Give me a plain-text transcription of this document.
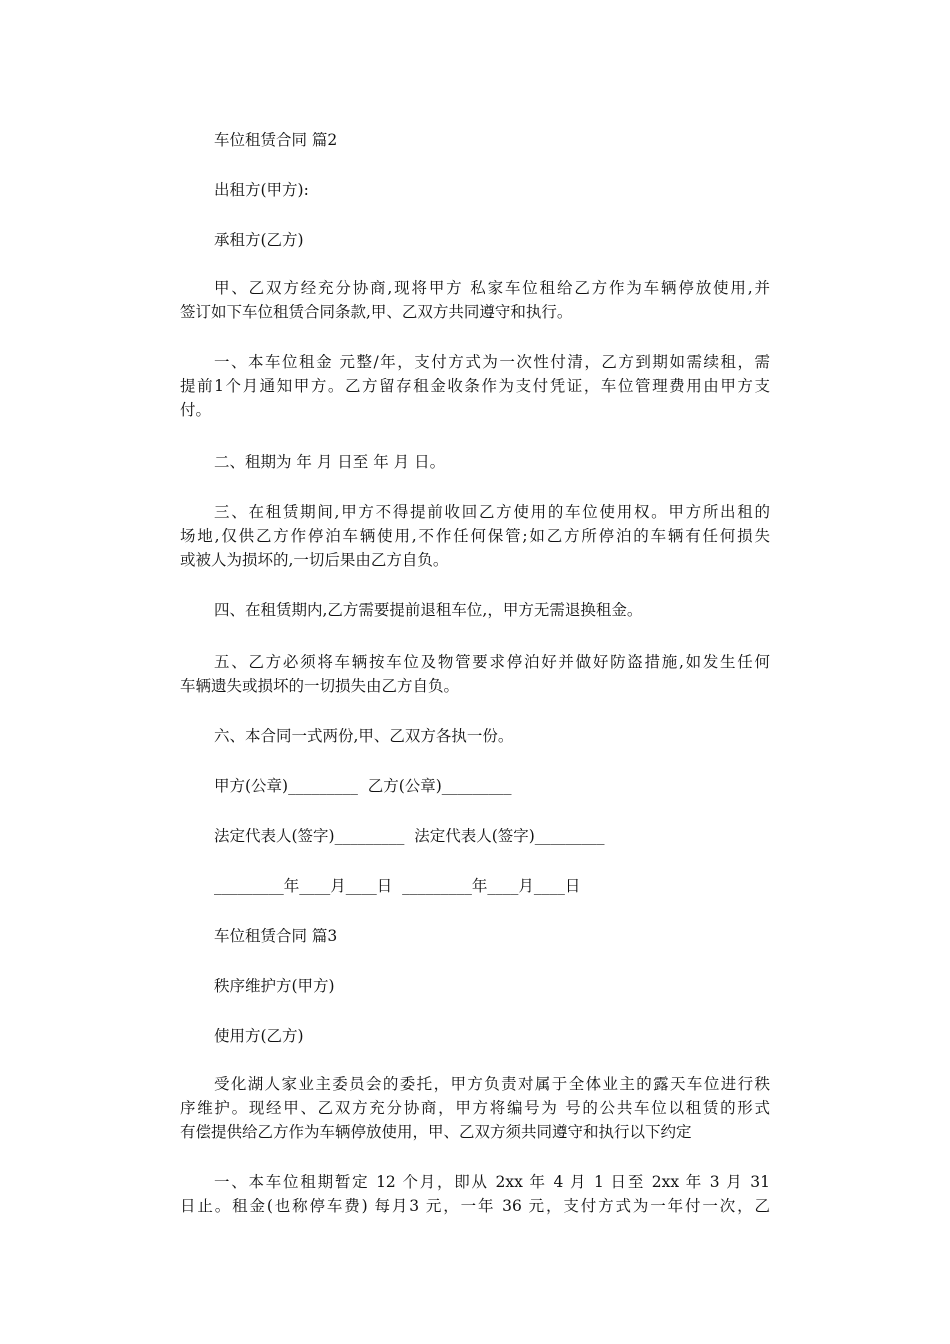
车位租赁合同 篇2
出租方(甲方):
承租方(乙方)
甲、乙双方经充分协商,现将甲方 私家车位租给乙方作为车辆停放使用,并
签订如下车位租赁合同条款,甲、乙双方共同遵守和执行。
一、本车位租金 元整/年，支付方式为一次性付清，乙方到期如需续租，需
提前1个月通知甲方。乙方留存租金收条作为支付凭证，车位管理费用由甲方支
付。
二、租期为 年 月 日至 年 月 日。
三、在租赁期间,甲方不得提前收回乙方使用的车位使用权。甲方所出租的
场地,仅供乙方作停泊车辆使用,不作任何保管;如乙方所停泊的车辆有任何损失
或被人为损坏的,一切后果由乙方自负。
四、在租赁期内,乙方需要提前退租车位,，甲方无需退换租金。
五、乙方必须将车辆按车位及物管要求停泊好并做好防盗措施,如发生任何
车辆遗失或损坏的一切损失由乙方自负。
六、本合同一式两份,甲、乙双方各执一份。
甲方(公章)_________  乙方(公章)_________
法定代表人(签字)_________  法定代表人(签字)_________
_________年____月____日  _________年____月____日
车位租赁合同 篇3
秩序维护方(甲方)
使用方(乙方)
受化湖人家业主委员会的委托，甲方负责对属于全体业主的露天车位进行秩
序维护。现经甲、乙双方充分协商，甲方将编号为 号的公共车位以租赁的形式
有偿提供给乙方作为车辆停放使用，甲、乙双方须共同遵守和执行以下约定
一、本车位租期暂定 12 个月，即从 2xx 年 4 月 1 日至 2xx 年 3 月 31
日止。租金(也称停车费) 每月3 元，一年 36 元，支付方式为一年付一次，乙
